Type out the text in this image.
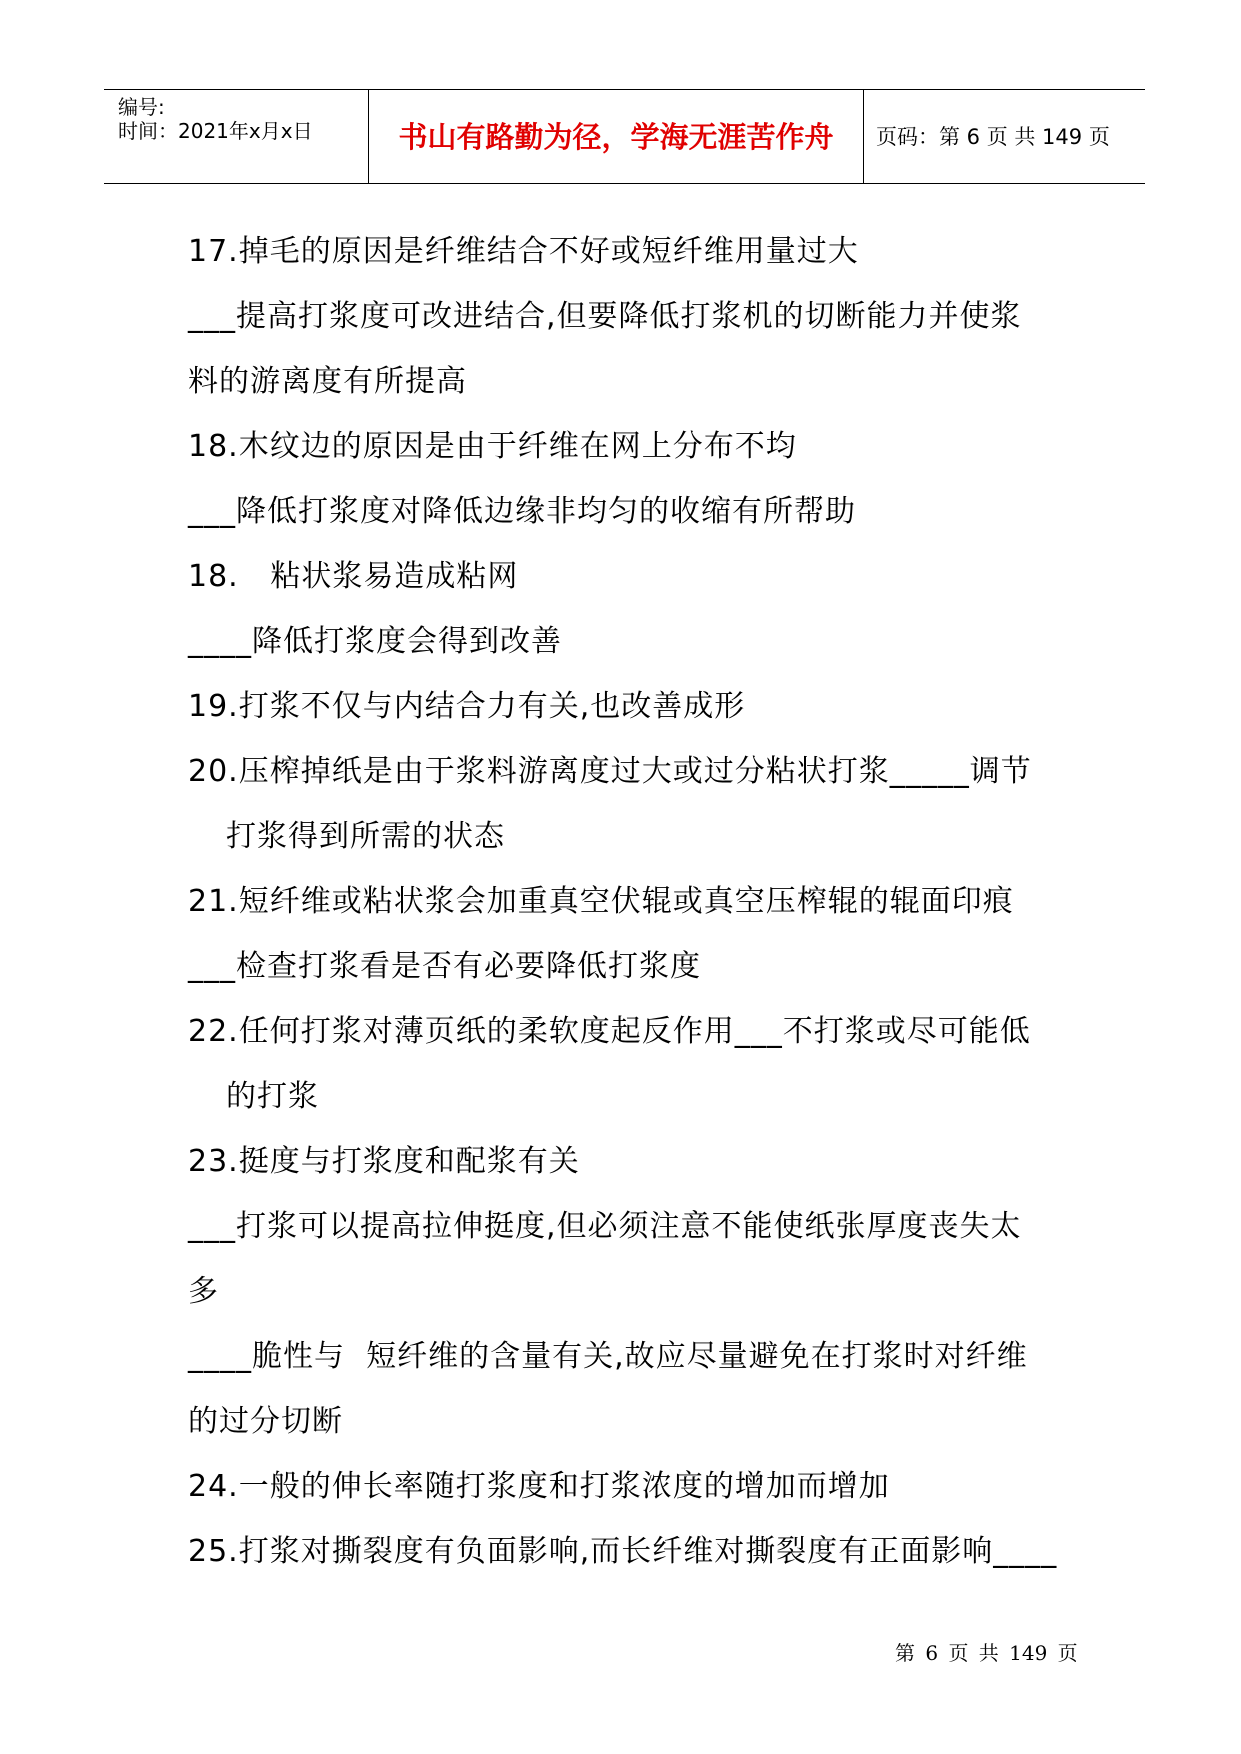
编号:
时间：2021年x月x日	书山有路勤为径，学海无涯苦作舟	页码：第 6 页 共 149 页
17.掉毛的原因是纤维结合不好或短纤维用量过大
___提高打浆度可改进结合,但要降低打浆机的切断能力并使浆
料的游离度有所提高
18.木纹边的原因是由于纤维在网上分布不均
___降低打浆度对降低边缘非均匀的收缩有所帮助
18.   粘状浆易造成粘网
____降低打浆度会得到改善
19.打浆不仅与内结合力有关,也改善成形
20.压榨掉纸是由于浆料游离度过大或过分粘状打浆_____调节
打浆得到所需的状态
21.短纤维或粘状浆会加重真空伏辊或真空压榨辊的辊面印痕
___检查打浆看是否有必要降低打浆度
22.任何打浆对薄页纸的柔软度起反作用___不打浆或尽可能低
的打浆
23.挺度与打浆度和配浆有关
___打浆可以提高拉伸挺度,但必须注意不能使纸张厚度丧失太
多
____脆性与  短纤维的含量有关,故应尽量避免在打浆时对纤维
的过分切断
24.一般的伸长率随打浆度和打浆浓度的增加而增加
25.打浆对撕裂度有负面影响,而长纤维对撕裂度有正面影响____
第 6 页 共 149 页
